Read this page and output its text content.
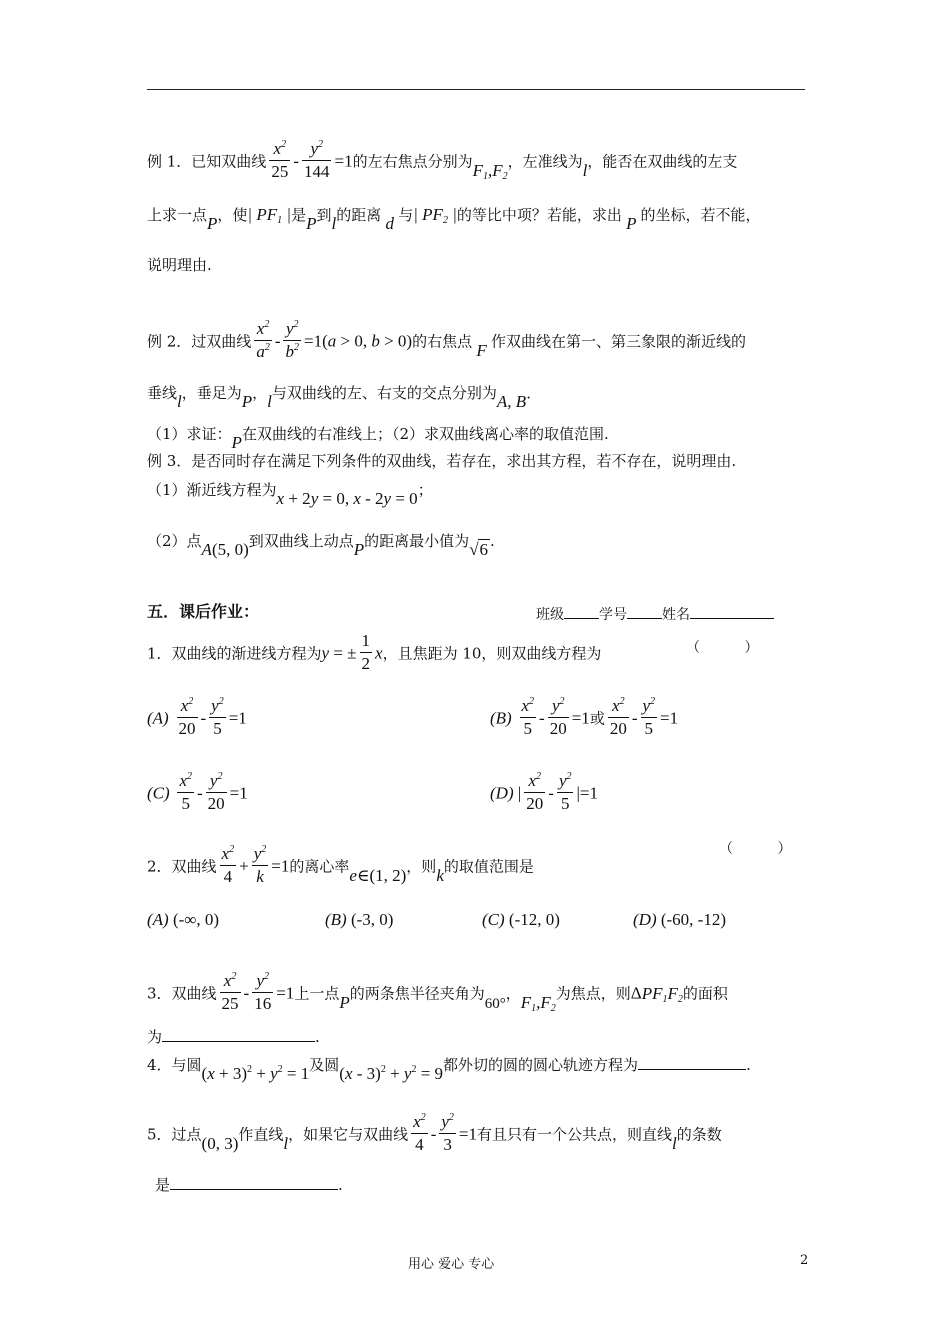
例 1．已知双曲线 $\frac{x^2}{25} - \frac{y^2}{144} =1$的左右焦点分别为$F_1,F_2$，左准线为l，能否在双曲线的左支
上求一点P，使| $PF_1$ |是P到l的距离 d 与| $PF_2$ |的等比中项？若能，求出 P 的坐标，若不能，
说明理由.
例 2．过双曲线 $\frac{x^2}{a^2} - \frac{y^2}{b^2} =1(a > 0$, b > 0)的右焦点 F 作双曲线在第一、第三象限的渐近线的
垂线l，垂足为P，l与双曲线的左、右支的交点分别为A, B．
（1）求证：P在双曲线的右准线上；（2）求双曲线离心率的取值范围.
例 3．是否同时存在满足下列条件的双曲线，若存在，求出其方程，若不存在，说明理由.
（1）渐近线方程为x + 2y = 0, x - 2y = 0；
（2）点A(5, 0)到双曲线上动点P的距离最小值为√6 .
五．课后作业：	班级	学号	姓名
1．双曲线的渐进线方程为y = ± $\frac{1}{2}$ x，且焦距为 10，则双曲线方程为	（          ）
$(A) \frac{x^2}{20} - \frac{y^2}{5} =1$	$(B) \frac{x^2}{5} - \frac{y^2}{20} =1$或 $\frac{x^2}{20} - \frac{y^2}{5} =1$
$(C) \frac{x^2}{5} - \frac{y^2}{20} =1$	(D) | $\frac{x^2}{20} - \frac{y^2}{5} |=1$
2．双曲线 $\frac{x^2}{4} + \frac{y^2}{k} =1$的离心率e∈(1, 2)，则k的取值范围是
（          ）
(A) (-∞, 0)	(B) (-3, 0)	(C) (-12, 0)	(D) (-60, -12)
3．双曲线 $\frac{x^2}{25} - \frac{y^2}{16} =1$上一点P的两条焦半径夹角为60°，$F_1,F_2$为焦点，则$\Delta PF_1F_2$的面积
为	.
4．与圆$(x + 3)^2 + y^2 = 1$及圆$(x - 3)^2 + y^2 = 9$都外切的圆的圆心轨迹方程为	.
5．过点(0, 3)作直线l，如果它与双曲线 $\frac{x^2}{4} - \frac{y^2}{3} =1$有且只有一个公共点，则直线l的条数
是	.
用心 爱心 专心	2
